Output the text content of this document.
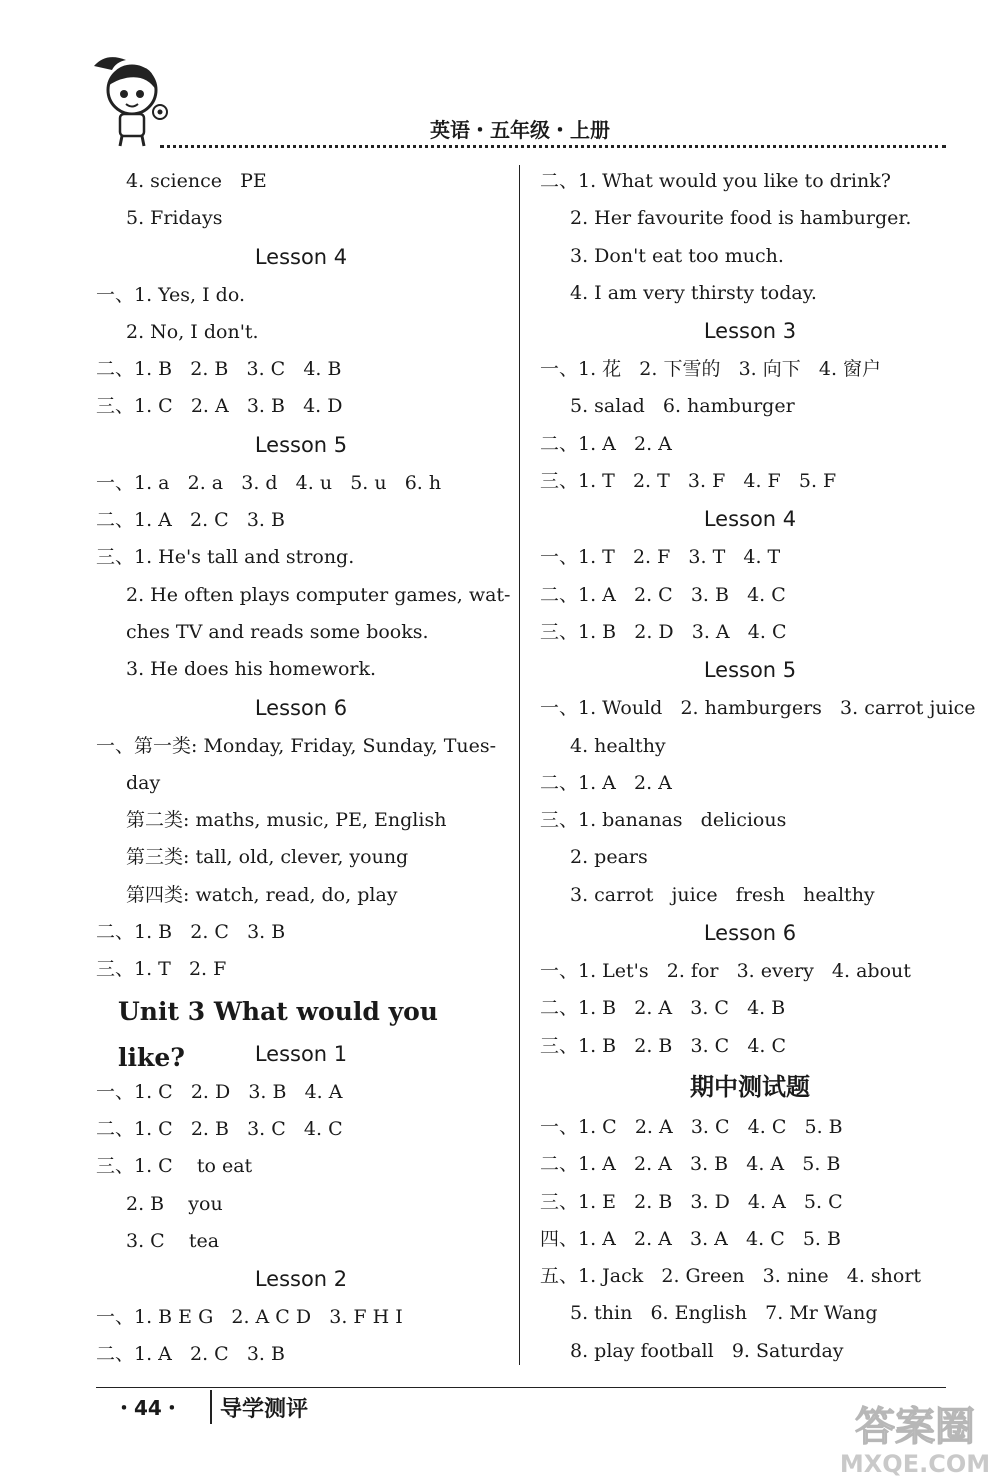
英语・五年级・上册
4. science   PE
5. Fridays
Lesson 4
一、1. Yes, I do.
2. No, I don't.
二、1. B   2. B   3. C   4. B
三、1. C   2. A   3. B   4. D
Lesson 5
一、1. a   2. a   3. d   4. u   5. u   6. h
二、1. A   2. C   3. B
三、1. He's tall and strong.
2. He often plays computer games, wat-
ches TV and reads some books.
3. He does his homework.
Lesson 6
一、第一类: Monday, Friday, Sunday, Tues-
day
第二类: maths, music, PE, English
第三类: tall, old, clever, young
第四类: watch, read, do, play
二、1. B   2. C   3. B
三、1. T   2. F
Unit 3 What would you like?	Lesson 1
一、1. C   2. D   3. B   4. A
二、1. C   2. B   3. C   4. C
三、1. C    to eat
2. B    you
3. C    tea
Lesson 2
一、1. B E G   2. A C D   3. F H I
二、1. A   2. C   3. B
二、1. What would you like to drink?
2. Her favourite food is hamburger.
3. Don't eat too much.
4. I am very thirsty today.
Lesson 3
一、1. 花   2. 下雪的   3. 向下   4. 窗户
5. salad   6. hamburger
二、1. A   2. A
三、1. T   2. T   3. F   4. F   5. F
Lesson 4
一、1. T   2. F   3. T   4. T
二、1. A   2. C   3. B   4. C
三、1. B   2. D   3. A   4. C
Lesson 5
一、1. Would   2. hamburgers   3. carrot juice
4. healthy
二、1. A   2. A
三、1. bananas   delicious
2. pears
3. carrot   juice   fresh   healthy
Lesson 6
一、1. Let's   2. for   3. every   4. about
二、1. B   2. A   3. C   4. B
三、1. B   2. B   3. C   4. C
期中测试题
一、1. C   2. A   3. C   4. C   5. B
二、1. A   2. A   3. B   4. A   5. B
三、1. E   2. B   3. D   4. A   5. C
四、1. A   2. A   3. A   4. C   5. B
五、1. Jack   2. Green   3. nine   4. short
5. thin   6. English   7. Mr Wang
8. play football   9. Saturday
・44・ 导学测评	答案圈
MXQE.COM
